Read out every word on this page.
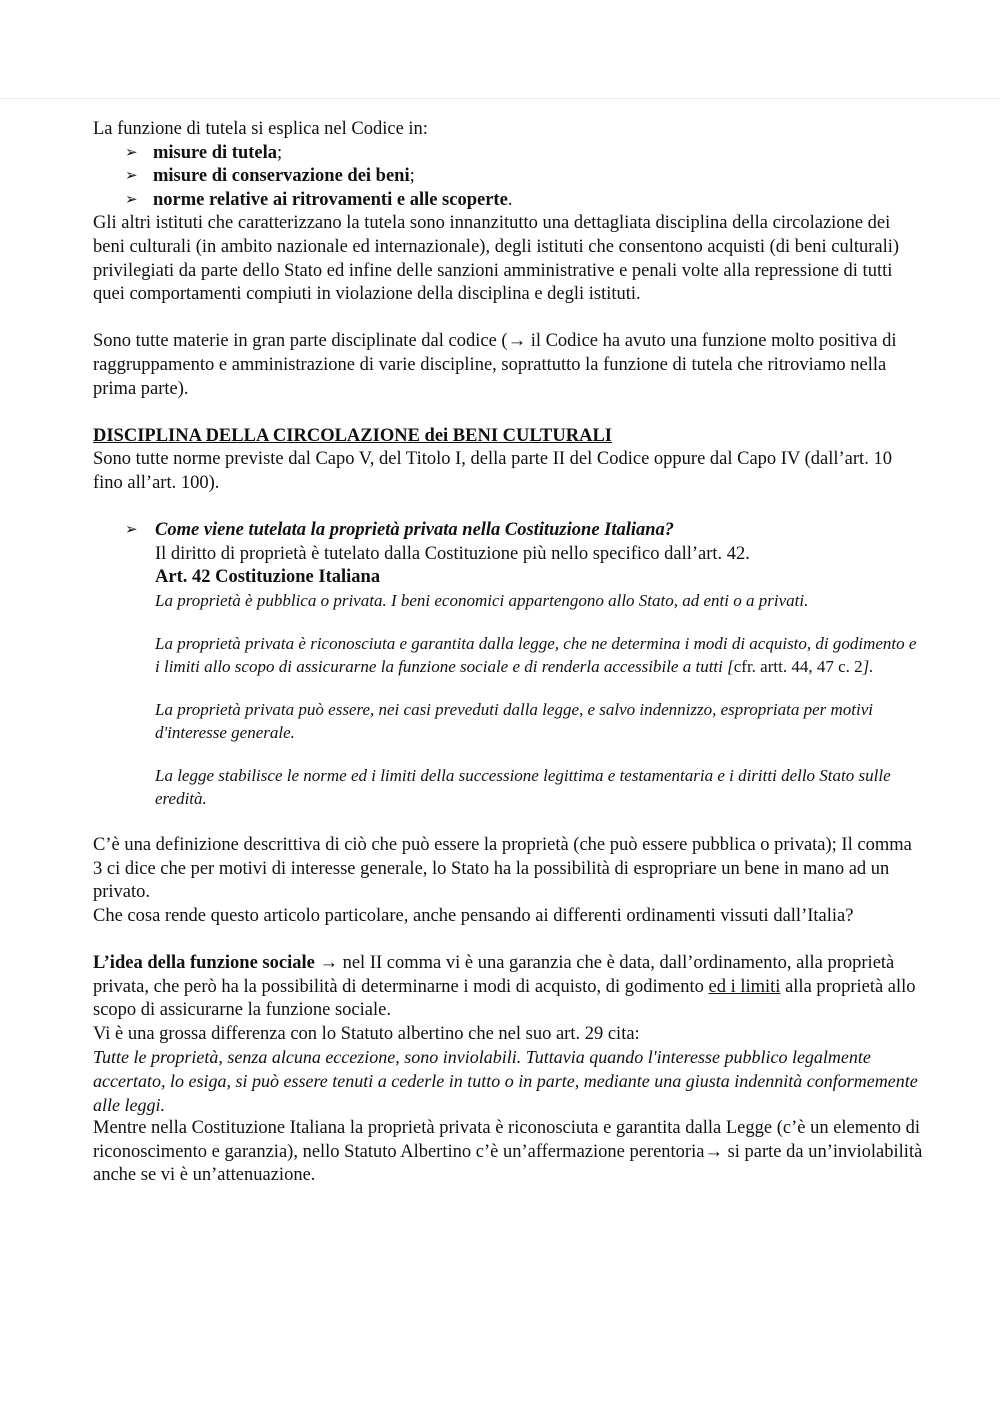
La funzione di tutela si esplica nel Codice in:

➢ misure di tutela;
➢ misure di conservazione dei beni;
➢ norme relative ai ritrovamenti e alle scoperte.

Gli altri istituti che caratterizzano la tutela sono innanzitutto una dettagliata disciplina della circolazione dei beni culturali (in ambito nazionale ed internazionale), degli istituti che consentono acquisti (di beni culturali) privilegiati da parte dello Stato ed infine delle sanzioni amministrative e penali volte alla repressione di tutti quei comportamenti compiuti in violazione della disciplina e degli istituti.

Sono tutte materie in gran parte disciplinate dal codice (→ il Codice ha avuto una funzione molto positiva di raggruppamento e amministrazione di varie discipline, soprattutto la funzione di tutela che ritroviamo nella prima parte).

DISCIPLINA DELLA CIRCOLAZIONE dei BENI CULTURALI

Sono tutte norme previste dal Capo V, del Titolo I, della parte II del Codice oppure dal Capo IV (dall’art. 10 fino all’art. 100).

➢ Come viene tutelata la proprietà privata nella Costituzione Italiana?

Il diritto di proprietà è tutelato dalla Costituzione più nello specifico dall’art. 42.

Art. 42 Costituzione Italiana

La proprietà è pubblica o privata. I beni economici appartengono allo Stato, ad enti o a privati.

La proprietà privata è riconosciuta e garantita dalla legge, che ne determina i modi di acquisto, di godimento e i limiti allo scopo di assicurarne la funzione sociale e di renderla accessibile a tutti [cfr. artt. 44, 47 c. 2].

La proprietà privata può essere, nei casi preveduti dalla legge, e salvo indennizzo, espropriata per motivi d'interesse generale.

La legge stabilisce le norme ed i limiti della successione legittima e testamentaria e i diritti dello Stato sulle eredità.

C’è una definizione descrittiva di ciò che può essere la proprietà (che può essere pubblica o privata); Il comma 3 ci dice che per motivi di interesse generale, lo Stato ha la possibilità di espropriare un bene in mano ad un privato.

Che cosa rende questo articolo particolare, anche pensando ai differenti ordinamenti vissuti dall’Italia?

L’idea della funzione sociale → nel II comma vi è una garanzia che è data, dall’ordinamento, alla proprietà privata, che però ha la possibilità di determinarne i modi di acquisto, di godimento ed i limiti alla proprietà allo scopo di assicurarne la funzione sociale.

Vi è una grossa differenza con lo Statuto albertino che nel suo art. 29 cita:

Tutte le proprietà, senza alcuna eccezione, sono inviolabili. Tuttavia quando l'interesse pubblico legalmente accertato, lo esiga, si può essere tenuti a cederle in tutto o in parte, mediante una giusta indennità conformemente alle leggi.

Mentre nella Costituzione Italiana la proprietà privata è riconosciuta e garantita dalla Legge (c’è un elemento di riconoscimento e garanzia), nello Statuto Albertino c’è un’affermazione perentoria→ si parte da un’inviolabilità anche se vi è un’attenuazione.
